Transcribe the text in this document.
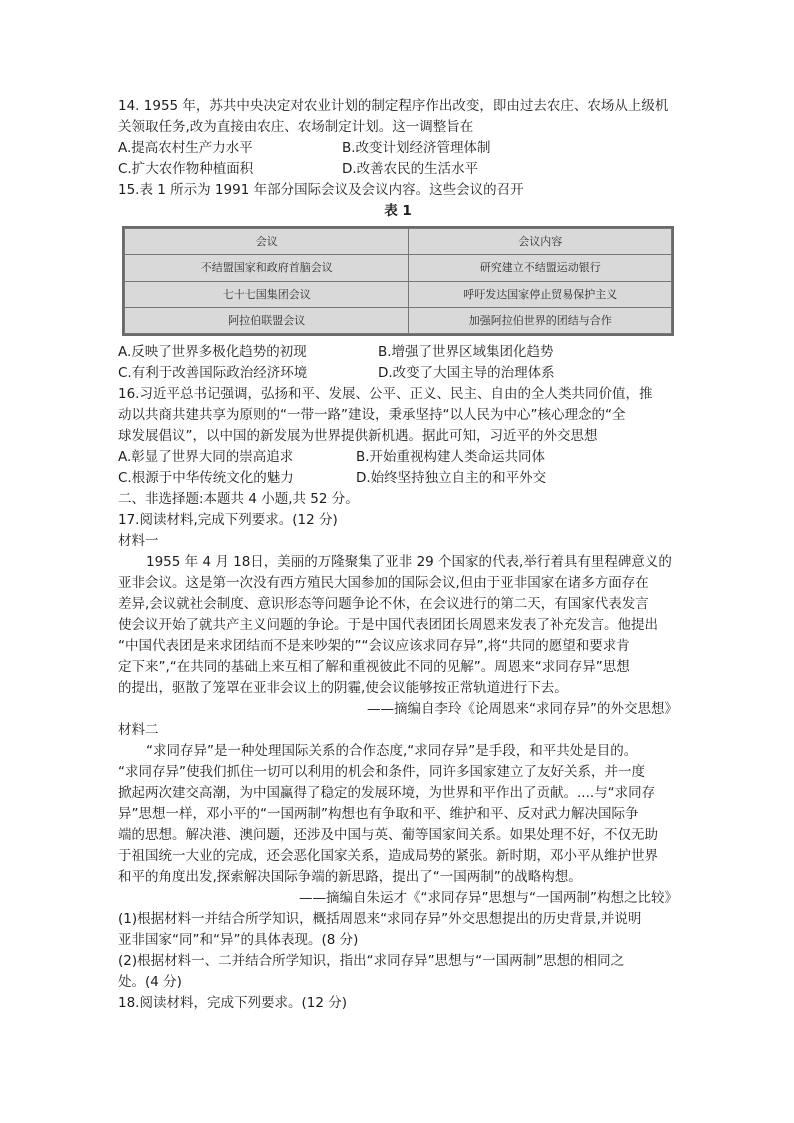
14. 1955 年，苏共中央决定对农业计划的制定程序作出改变，即由过去农庄、农场从上级机

关领取任务,改为直接由农庄、农场制定计划。这一调整旨在

A.提高农村生产力水平	B.改变计划经济管理体制
C.扩大农作物种植面积	D.改善农民的生活水平

15.表 1 所示为 1991 年部分国际会议及会议内容。这些会议的召开

表 1

会议	会议内容
不结盟国家和政府首脑会议	研究建立不结盟运动银行
七十七国集团会议	呼吁发达国家停止贸易保护主义
阿拉伯联盟会议	加强阿拉伯世界的团结与合作
A.反映了世界多极化趋势的初现	B.增强了世界区域集团化趋势
C.有利于改善国际政治经济环境	D.改变了大国主导的治理体系

16.习近平总书记强调，弘扬和平、发展、公平、正义、民主、自由的全人类共同价值，推

动以共商共建共享为原则的“一带一路”建设，秉承坚持“以人民为中心”核心理念的“全

球发展倡议”，以中国的新发展为世界提供新机遇。据此可知，习近平的外交思想

A.彰显了世界大同的崇高追求	B.开始重视构建人类命运共同体
C.根源于中华传统文化的魅力	D.始终坚持独立自主的和平外交

二、非选择题:本题共 4 小题,共 52 分。

17.阅读材料,完成下列要求。(12 分)

材料一

1955 年 4 月 18日，美丽的万隆聚集了亚非 29 个国家的代表,举行着具有里程碑意义的

亚非会议。这是第一次没有西方殖民大国参加的国际会议,但由于亚非国家在诸多方面存在

差异,会议就社会制度、意识形态等问题争论不休，在会议进行的第二天，有国家代表发言

使会议开始了就共产主义问题的争论。于是中国代表团团长周恩来发表了补充发言。他提出

“中国代表团是来求团结而不是来吵架的”“会议应该求同存异”,将“共同的愿望和要求肯

定下来”,“在共同的基础上来互相了解和重视彼此不同的见解”。周恩来“求同存异”思想

的提出，驱散了笼罩在亚非会议上的阴霾,使会议能够按正常轨道进行下去。

——摘编自李玲《论周恩来“求同存异”的外交思想》

材料二

“求同存异”是一种处理国际关系的合作态度,“求同存异”是手段，和平共处是目的。

“求同存异”使我们抓住一切可以利用的机会和条件，同许多国家建立了友好关系，并一度

掀起两次建交高潮，为中国赢得了稳定的发展环境，为世界和平作出了贡献。....与“求同存

异”思想一样，邓小平的“一国两制”构想也有争取和平、维护和平、反对武力解决国际争

端的思想。解决港、澳问题，还涉及中国与英、葡等国家间关系。如果处理不好，不仅无助

于祖国统一大业的完成，还会恶化国家关系，造成局势的紧张。新时期，邓小平从维护世界

和平的角度出发,探索解决国际争端的新思路，提出了“一国两制”的战略构想。

——摘编自朱运才《“求同存异”思想与“一国两制”构想之比较》

(1)根据材料一并结合所学知识，概括周恩来“求同存异”外交思想提出的历史背景,并说明

亚非国家“同”和“异”的具体表现。(8 分)

(2)根据材料一、二并结合所学知识，指出“求同存异”思想与“一国两制”思想的相同之

处。(4 分)

18.阅读材料，完成下列要求。(12 分)
